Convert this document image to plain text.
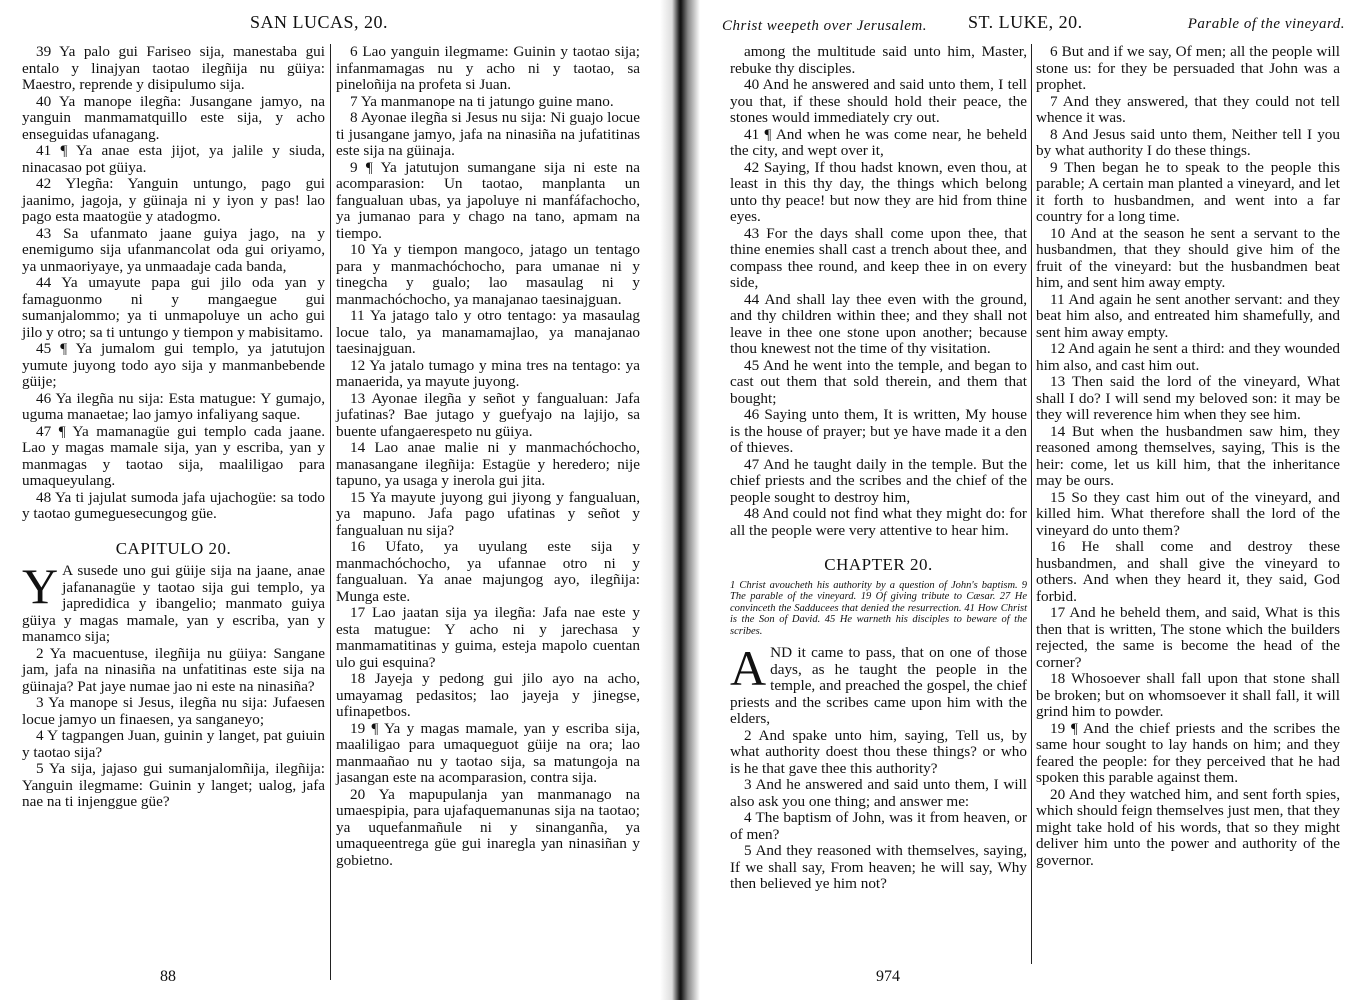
SAN LUCAS, 20.

39 Ya palo gui Fariseo sija, manestaba gui entalo y linajyan taotao ilegñija nu güiya: Maestro, reprende y disipulumo sija.

40 Ya manope ilegña: Jusangane jamyo, na yanguin manmamatquillo este sija, y acho enseguidas ufanagang.

41 ¶ Ya anae esta jijot, ya jalile y siuda, ninacasao pot güiya.

42 Ylegña: Yanguin untungo, pago gui jaanimo, jagoja, y güinaja ni y iyon y pas! lao pago esta maatogüe y atadogmo.

43 Sa ufanmato jaane guiya jago, na y enemigumo sija ufanmancolat oda gui oriyamo, ya unmaoriyaye, ya unmaadaje cada banda,

44 Ya umayute papa gui jilo oda yan y famaguonmo ni y mangaegue gui sumanjalommo; ya ti unmapoluye un acho gui jilo y otro; sa ti untungo y tiempon y mabisitamo.

45 ¶ Ya jumalom gui templo, ya jatutujon yumute juyong todo ayo sija y manmanbebende güije;

46 Ya ilegña nu sija: Esta matugue: Y gumajo, uguma manaetae; lao jamyo infaliyang saque.

47 ¶ Ya mamanagüe gui templo cada jaane. Lao y magas mamale sija, yan y escriba, yan y manmagas y taotao sija, maaliligao para umaqueyulang.

48 Ya ti jajulat sumoda jafa ujachogüe: sa todo y taotao gumeguesecungog güe.

CAPITULO 20.

Y A susede uno gui güije sija na jaane, anae jafananagüe y taotao sija gui templo, ya japredidica y ibangelio; manmato guiya güiya y magas mamale, yan y escriba, yan y manamco sija;

2 Ya macuentuse, ilegñija nu güiya: Sangane jam, jafa na ninasiña na unfatitinas este sija na güinaja? Pat jaye numae jao ni este na ninasiña?

3 Ya manope si Jesus, ilegña nu sija: Jufaesen locue jamyo un finaesen, ya sanganeyo;

4 Y tagpangen Juan, guinin y langet, pat guiuin y taotao sija?

5 Ya sija, jajaso gui sumanjalomñija, ilegñija: Yanguin ilegmame: Guinin y langet; ualog, jafa nae na ti injenggue güe?

6 Lao yanguin ilegmame: Guinin y taotao sija; infanmamagas nu y acho ni y taotao, sa pineloñija na profeta si Juan.

7 Ya manmanope na ti jatungo guine mano.

8 Ayonae ilegña si Jesus nu sija: Ni guajo locue ti jusangane jamyo, jafa na ninasiña na jufatitinas este sija na güinaja.

9 ¶ Ya jatutujon sumangane sija ni este na acomparasion: Un taotao, manplanta un fangualuan ubas, ya japoluye ni manfáfachocho, ya jumanao para y chago na tano, apmam na tiempo.

10 Ya y tiempon mangoco, jatago un tentago para y manmachóchocho, para umanae ni y tinegcha y gualo; lao masaulag ni y manmachóchocho, ya manajanao taesinajguan.

11 Ya jatago talo y otro tentago: ya masaulag locue talo, ya manamamajlao, ya manajanao taesinajguan.

12 Ya jatalo tumago y mina tres na tentago: ya manaerida, ya mayute juyong.

13 Ayonae ilegña y señot y fangualuan: Jafa jufatinas? Bae jutago y guefyajo na lajijo, sa buente ufangaerespeto nu güiya.

14 Lao anae malie ni y manmachóchocho, manasangane ilegñija: Estagüe y heredero; nije tapuno, ya usaga y inerola gui jita.

15 Ya mayute juyong gui jiyong y fangualuan, ya mapuno. Jafa pago ufatinas y señot y fangualuan nu sija?

16 Ufato, ya uyulang este sija y manmachóchocho, ya ufannae otro ni y fangualuan. Ya anae majungog ayo, ilegñija: Munga este.

17 Lao jaatan sija ya ilegña: Jafa nae este y esta matugue: Y acho ni y jarechasa y manmamatitinas y guima, esteja mapolo cuentan ulo gui esquina?

18 Jayeja y pedong gui jilo ayo na acho, umayamag pedasitos; lao jayeja y jinegse, ufinapetbos.

19 ¶ Ya y magas mamale, yan y escriba sija, maaliligao para umaqueguot güije na ora; lao manmaañao nu y taotao sija, sa matungoja na jasangan este na acomparasion, contra sija.

20 Ya mapupulanja yan manmanago na umaespipia, para ujafaquemanunas sija na taotao; ya uquefanmañule ni y sinanganña, ya umaqueentrega güe gui inaregla yan ninasiñan y gobietno.

88
Christ weepeth over Jerusalem. ST. LUKE, 20.	Parable of the vineyard.

among the multitude said unto him, Master, rebuke thy disciples.

40 And he answered and said unto them, I tell you that, if these should hold their peace, the stones would immediately cry out.

41 ¶ And when he was come near, he beheld the city, and wept over it,

42 Saying, If thou hadst known, even thou, at least in this thy day, the things which belong unto thy peace! but now they are hid from thine eyes.

43 For the days shall come upon thee, that thine enemies shall cast a trench about thee, and compass thee round, and keep thee in on every side,

44 And shall lay thee even with the ground, and thy children within thee; and they shall not leave in thee one stone upon another; because thou knewest not the time of thy visitation.

45 And he went into the temple, and began to cast out them that sold therein, and them that bought;

46 Saying unto them, It is written, My house is the house of prayer; but ye have made it a den of thieves.

47 And he taught daily in the temple. But the chief priests and the scribes and the chief of the people sought to destroy him,

48 And could not find what they might do: for all the people were very attentive to hear him.

CHAPTER 20.

1 Christ avoucheth his authority by a question of John's baptism. 9 The parable of the vineyard. 19 Of giving tribute to Cæsar. 27 He convinceth the Sadducees that denied the resurrection. 41 How Christ is the Son of David. 45 He warneth his disciples to beware of the scribes.

AND it came to pass, that on one of those days, as he taught the people in the temple, and preached the gospel, the chief priests and the scribes came upon him with the elders,

2 And spake unto him, saying, Tell us, by what authority doest thou these things? or who is he that gave thee this authority?

3 And he answered and said unto them, I will also ask you one thing; and answer me:

4 The baptism of John, was it from heaven, or of men?

5 And they reasoned with themselves, saying, If we shall say, From heaven; he will say, Why then believed ye him not?

6 But and if we say, Of men; all the people will stone us: for they be persuaded that John was a prophet.

7 And they answered, that they could not tell whence it was.

8 And Jesus said unto them, Neither tell I you by what authority I do these things.

9 Then began he to speak to the people this parable; A certain man planted a vineyard, and let it forth to husbandmen, and went into a far country for a long time.

10 And at the season he sent a servant to the husbandmen, that they should give him of the fruit of the vineyard: but the husbandmen beat him, and sent him away empty.

11 And again he sent another servant: and they beat him also, and entreated him shamefully, and sent him away empty.

12 And again he sent a third: and they wounded him also, and cast him out.

13 Then said the lord of the vineyard, What shall I do? I will send my beloved son: it may be they will reverence him when they see him.

14 But when the husbandmen saw him, they reasoned among themselves, saying, This is the heir: come, let us kill him, that the inheritance may be ours.

15 So they cast him out of the vineyard, and killed him. What therefore shall the lord of the vineyard do unto them?

16 He shall come and destroy these husbandmen, and shall give the vineyard to others. And when they heard it, they said, God forbid.

17 And he beheld them, and said, What is this then that is written, The stone which the builders rejected, the same is become the head of the corner?

18 Whosoever shall fall upon that stone shall be broken; but on whomsoever it shall fall, it will grind him to powder.

19 ¶ And the chief priests and the scribes the same hour sought to lay hands on him; and they feared the people: for they perceived that he had spoken this parable against them.

20 And they watched him, and sent forth spies, which should feign themselves just men, that they might take hold of his words, that so they might deliver him unto the power and authority of the governor.

974
